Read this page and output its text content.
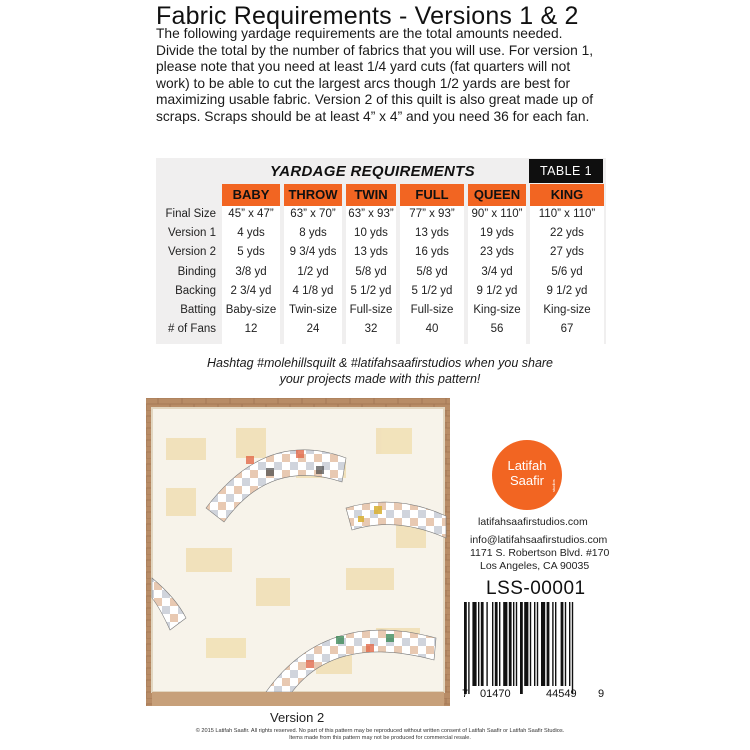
Fabric Requirements - Versions 1 & 2
The following yardage requirements are the total amounts needed. Divide the total by the number of fabrics that you will use. For version 1, please note that you need at least 1/4 yard cuts (fat quarters will not work) to be able to cut the largest arcs though 1/2 yards are best for maximizing usable fabric. Version 2 of this quilt is also great made up of scraps. Scraps should be at least 4” x 4” and you need 36 for each fan.
YARDAGE REQUIREMENTS	TABLE 1
BABY	THROW	TWIN	FULL	QUEEN	KING
Final Size	45” x 47”	63” x 70”	63” x 93”	77” x 93”	90” x 110”	110” x 110”
Version 1	4 yds	8 yds	10 yds	13 yds	19 yds	22 yds
Version 2	5 yds	9 3/4 yds	13 yds	16 yds	23 yds	27 yds
Binding	3/8 yd	1/2 yd	5/8 yd	5/8 yd	3/4 yd	5/6 yd
Backing	2 3/4 yd	4 1/8 yd	5 1/2 yd	5 1/2 yd	9 1/2 yd	9 1/2 yd
Batting Baby-size	Twin-size	Full-size	Full-size	King-size	King-size
# of Fans	12	24	32	40	56	67
Hashtag #molehillsquilt & #latifahsaafirstudios when you share
your projects made with this pattern!
Version 2
Latifah
Saafir	studios
latifahsaafirstudios.com
info@latifahsaafirstudios.com
1171 S. Robertson Blvd. #170
Los Angeles, CA 90035
LSS-00001
7 01470	44549 9
© 2015 Latifah Saafir. All rights reserved. No part of this pattern may be reproduced without written consent of Latifah Saafir or Latifah Saafir Studios.
Items made from this pattern may not be produced for commercial resale.
